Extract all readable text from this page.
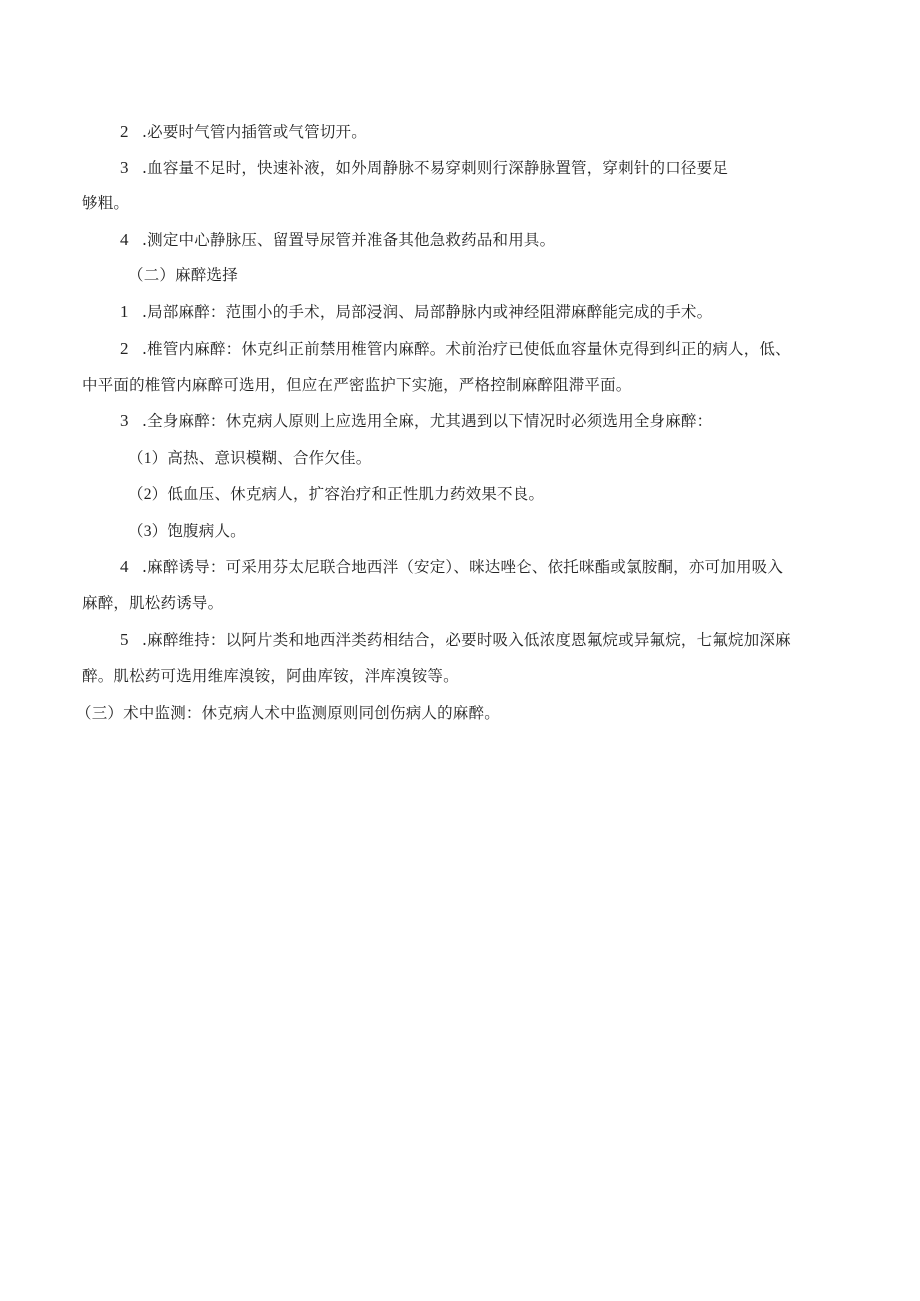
2 .必要时气管内插管或气管切开。
3 .血容量不足时，快速补液，如外周静脉不易穿刺则行深静脉置管，穿刺针的口径要足
够粗。
4 .测定中心静脉压、留置导尿管并准备其他急救药品和用具。
（二）麻醉选择
1 .局部麻醉：范围小的手术，局部浸润、局部静脉内或神经阻滞麻醉能完成的手术。
2 .椎管内麻醉：休克纠正前禁用椎管内麻醉。术前治疗已使低血容量休克得到纠正的病人，低、
中平面的椎管内麻醉可选用，但应在严密监护下实施，严格控制麻醉阻滞平面。
3 .全身麻醉：休克病人原则上应选用全麻，尤其遇到以下情况时必须选用全身麻醉：
（1）高热、意识模糊、合作欠佳。
（2）低血压、休克病人，扩容治疗和正性肌力药效果不良。
（3）饱腹病人。
4 .麻醉诱导：可采用芬太尼联合地西泮（安定）、咪达唑仑、依托咪酯或氯胺酮，亦可加用吸入
麻醉，肌松药诱导。
5 .麻醉维持：以阿片类和地西泮类药相结合，必要时吸入低浓度恩氟烷或异氟烷，七氟烷加深麻
醉。肌松药可选用维库溴铵，阿曲库铵，泮库溴铵等。
（三）术中监测：休克病人术中监测原则同创伤病人的麻醉。
